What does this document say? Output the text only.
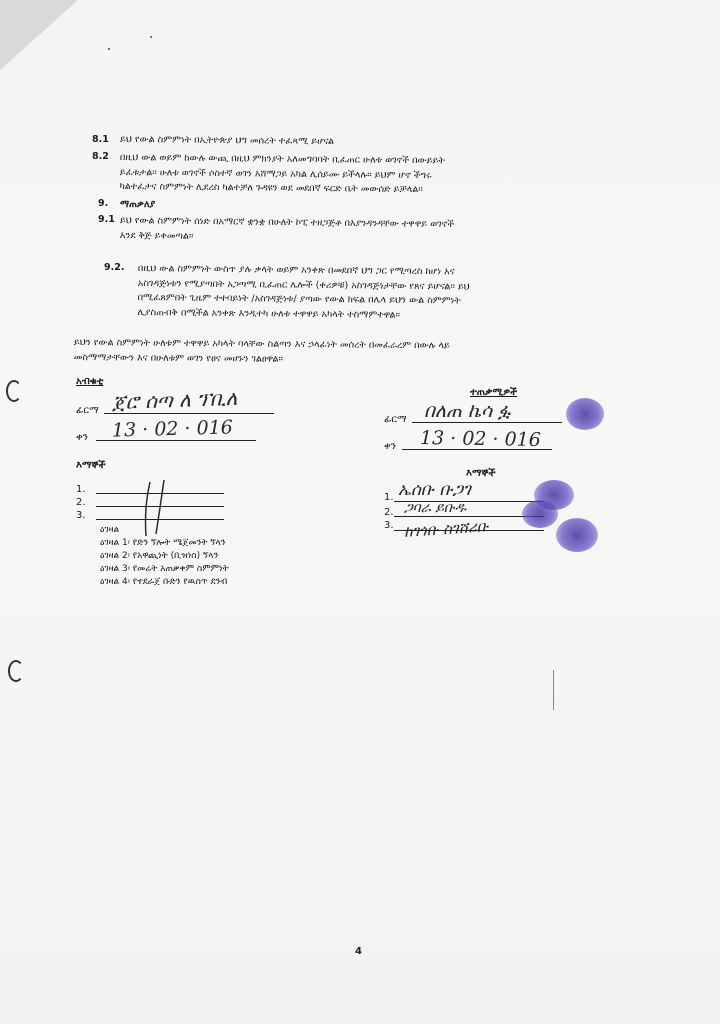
8.1 ይህ የውል ስምምነት በኢትዮጵያ ህግ መሰረት ተፈጻሚ ይሆናል
8.2 በዚህ ውል ወይም ከውሉ ውጪ በዚህ ምክንያት አለመግባባት ቢፈጠር ሁለቱ ወገኖች በውይይት
ይፈቱታል፡፡ ሁለቱ ወገኖች ሶስተኛ ወገን አሸማጋይ አካል ሊሰይሙ ይችላሉ፡፡ ይህም ሆኖ ችግሩ
ካልተፈታና ስምምነት ሊደረስ ካልተቻለ ጉዳዩን ወደ መደበኛ ፍርድ ቤት መውሰድ ይቻላል፡፡
9. ማጠቃለያ
9.1 ይህ የውል ስምምነት ሰነድ በአማርኛ ቋንቋ በሁለት ኮፒ ተዘጋጅቶ በእያንዳንዳቸው ተዋዋይ ወገኖች
እንደ ቅጅ ይቀመጣል፡፡
9.2. በዚህ ውል ስምምነት ውስጥ ያሉ ቃላት ወይም አንቀጽ በመደበኛ ህግ ጋር የሚጣረስ ከሆነ እና
አስገዳጅነቱን የሚያጣበት አጋጣሚ ቢፈጠር ሌሎች (ቀሪዎቹ) አስገዳጅነታቸው የጸና ይሆናል፡፡ ይህ
በሚፈጸምበት ጊዜም ተተባይነት /አስገዳጅነቱ/ ያጣው የውል ክፍል በሌላ ይህን ውል ስምምነት
ሊያስጠብቅ በሚችል አንቀጽ እንዲተካ ሁለቱ ተዋዋይ አካላት ተስማምተዋል፡፡
ይህን የውል ስምምነት ሁለቱም ተዋዋይ አካላት ባላቸው ስልጣን እና ኃላፊነት መሰረት በመፈራረም በውሉ ላይ
መስማማታቸውን እና በሁለቱም ወገን የፀና መሆኑን ገልፀዋል፡፡
አብቁቲ
ፊርማ ጀሮ ሰጣ ለ ፕቢለ
ቀን 13 · 02 · 016
እማኞች
1.
2.
3.
ዕገዛል
ዕገዛል 1፡ የድን ኘሎት ሜጀመንት ኘላን
ዕገዛል 2፡ የአዋጪነት (ቢዝነስ) ኘላን
ዕገዛል 3፡ የመሬት አጠቃቀም ስምምነት
ዕገዛል 4፡ የተደራጀ ቡድን የዉስጥ ደንብ
ተጠቃሚዎች
ፊርማ በለጠ ኬሳ ፏ
ቀን 13 · 02 · 016
እማኞች
1. ኤሰቡ ቡጋገ
2. ጋባራ ይቡዱ
3. ከገጎቡ ስገሸሪቡ
4
